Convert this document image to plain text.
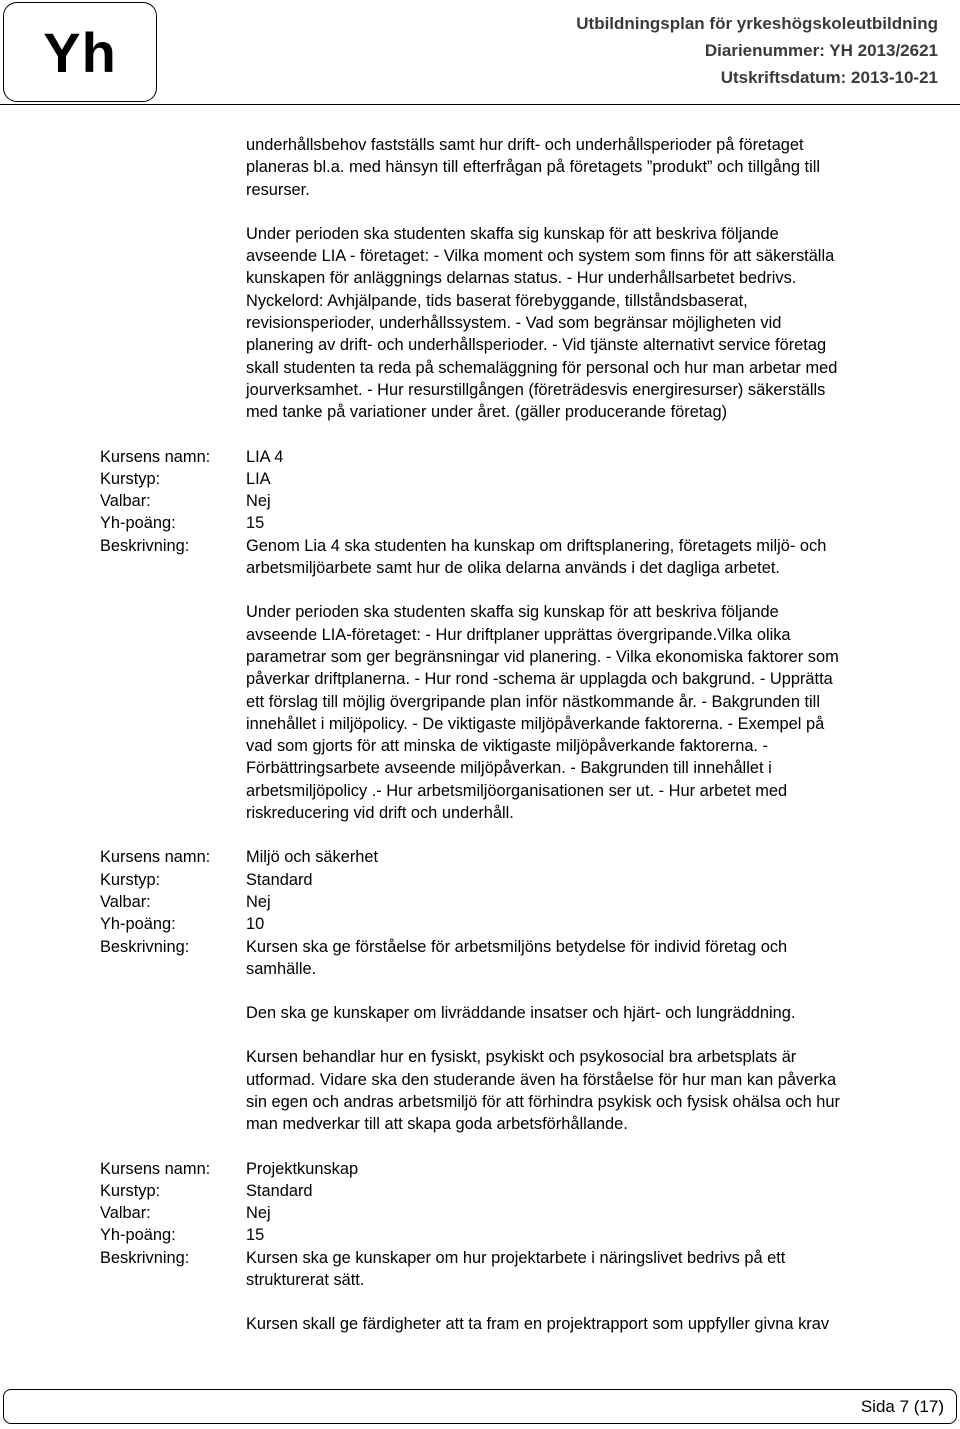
Yh	Utbildningsplan för yrkeshögskoleutbildning
Diarienummer: YH 2013/2621
Utskriftsdatum: 2013-10-21
underhållsbehov fastställs samt hur drift- och underhållsperioder på företaget
planeras bl.a. med hänsyn till efterfrågan på företagets ”produkt” och tillgång till
resurser.
Under perioden ska studenten skaffa sig kunskap för att beskriva följande
avseende LIA - företaget: - Vilka moment och system som finns för att säkerställa
kunskapen för anläggnings delarnas status. - Hur underhållsarbetet bedrivs.
Nyckelord: Avhjälpande, tids baserat förebyggande, tillståndsbaserat,
revisionsperioder, underhållssystem. - Vad som begränsar möjligheten vid
planering av drift- och underhållsperioder. - Vid tjänste alternativt service företag
skall studenten ta reda på schemaläggning för personal och hur man arbetar med
jourverksamhet. - Hur resurstillgången (företrädesvis energiresurser) säkerställs
med tanke på variationer under året. (gäller producerande företag)
Kursens namn:	LIA 4
Kurstyp:	LIA
Valbar:	Nej
Yh-poäng:	15
Beskrivning:	Genom Lia 4 ska studenten ha kunskap om driftsplanering, företagets miljö- och
arbetsmiljöarbete samt hur de olika delarna används i det dagliga arbetet.
Under perioden ska studenten skaffa sig kunskap för att beskriva följande
avseende LIA-företaget: - Hur driftplaner upprättas övergripande.Vilka olika
parametrar som ger begränsningar vid planering. - Vilka ekonomiska faktorer som
påverkar driftplanerna. - Hur rond -schema är upplagda och bakgrund. - Upprätta
ett förslag till möjlig övergripande plan inför nästkommande år. - Bakgrunden till
innehållet i miljöpolicy. - De viktigaste miljöpåverkande faktorerna. - Exempel på
vad som gjorts för att minska de viktigaste miljöpåverkande faktorerna. -
Förbättringsarbete avseende miljöpåverkan. - Bakgrunden till innehållet i
arbetsmiljöpolicy .- Hur arbetsmiljöorganisationen ser ut. - Hur arbetet med
riskreducering vid drift och underhåll.
Kursens namn:	Miljö och säkerhet
Kurstyp:	Standard
Valbar:	Nej
Yh-poäng:	10
Beskrivning:	Kursen ska ge förståelse för arbetsmiljöns betydelse för individ företag och
samhälle.
Den ska ge kunskaper om livräddande insatser och hjärt- och lungräddning.
Kursen behandlar hur en fysiskt, psykiskt och psykosocial bra arbetsplats är
utformad. Vidare ska den studerande även ha förståelse för hur man kan påverka
sin egen och andras arbetsmiljö för att förhindra psykisk och fysisk ohälsa och hur
man medverkar till att skapa goda arbetsförhållande.
Kursens namn:	Projektkunskap
Kurstyp:	Standard
Valbar:	Nej
Yh-poäng:	15
Beskrivning:	Kursen ska ge kunskaper om hur projektarbete i näringslivet bedrivs på ett
strukturerat sätt.
Kursen skall ge färdigheter att ta fram en projektrapport som uppfyller givna krav
Sida 7 (17)
